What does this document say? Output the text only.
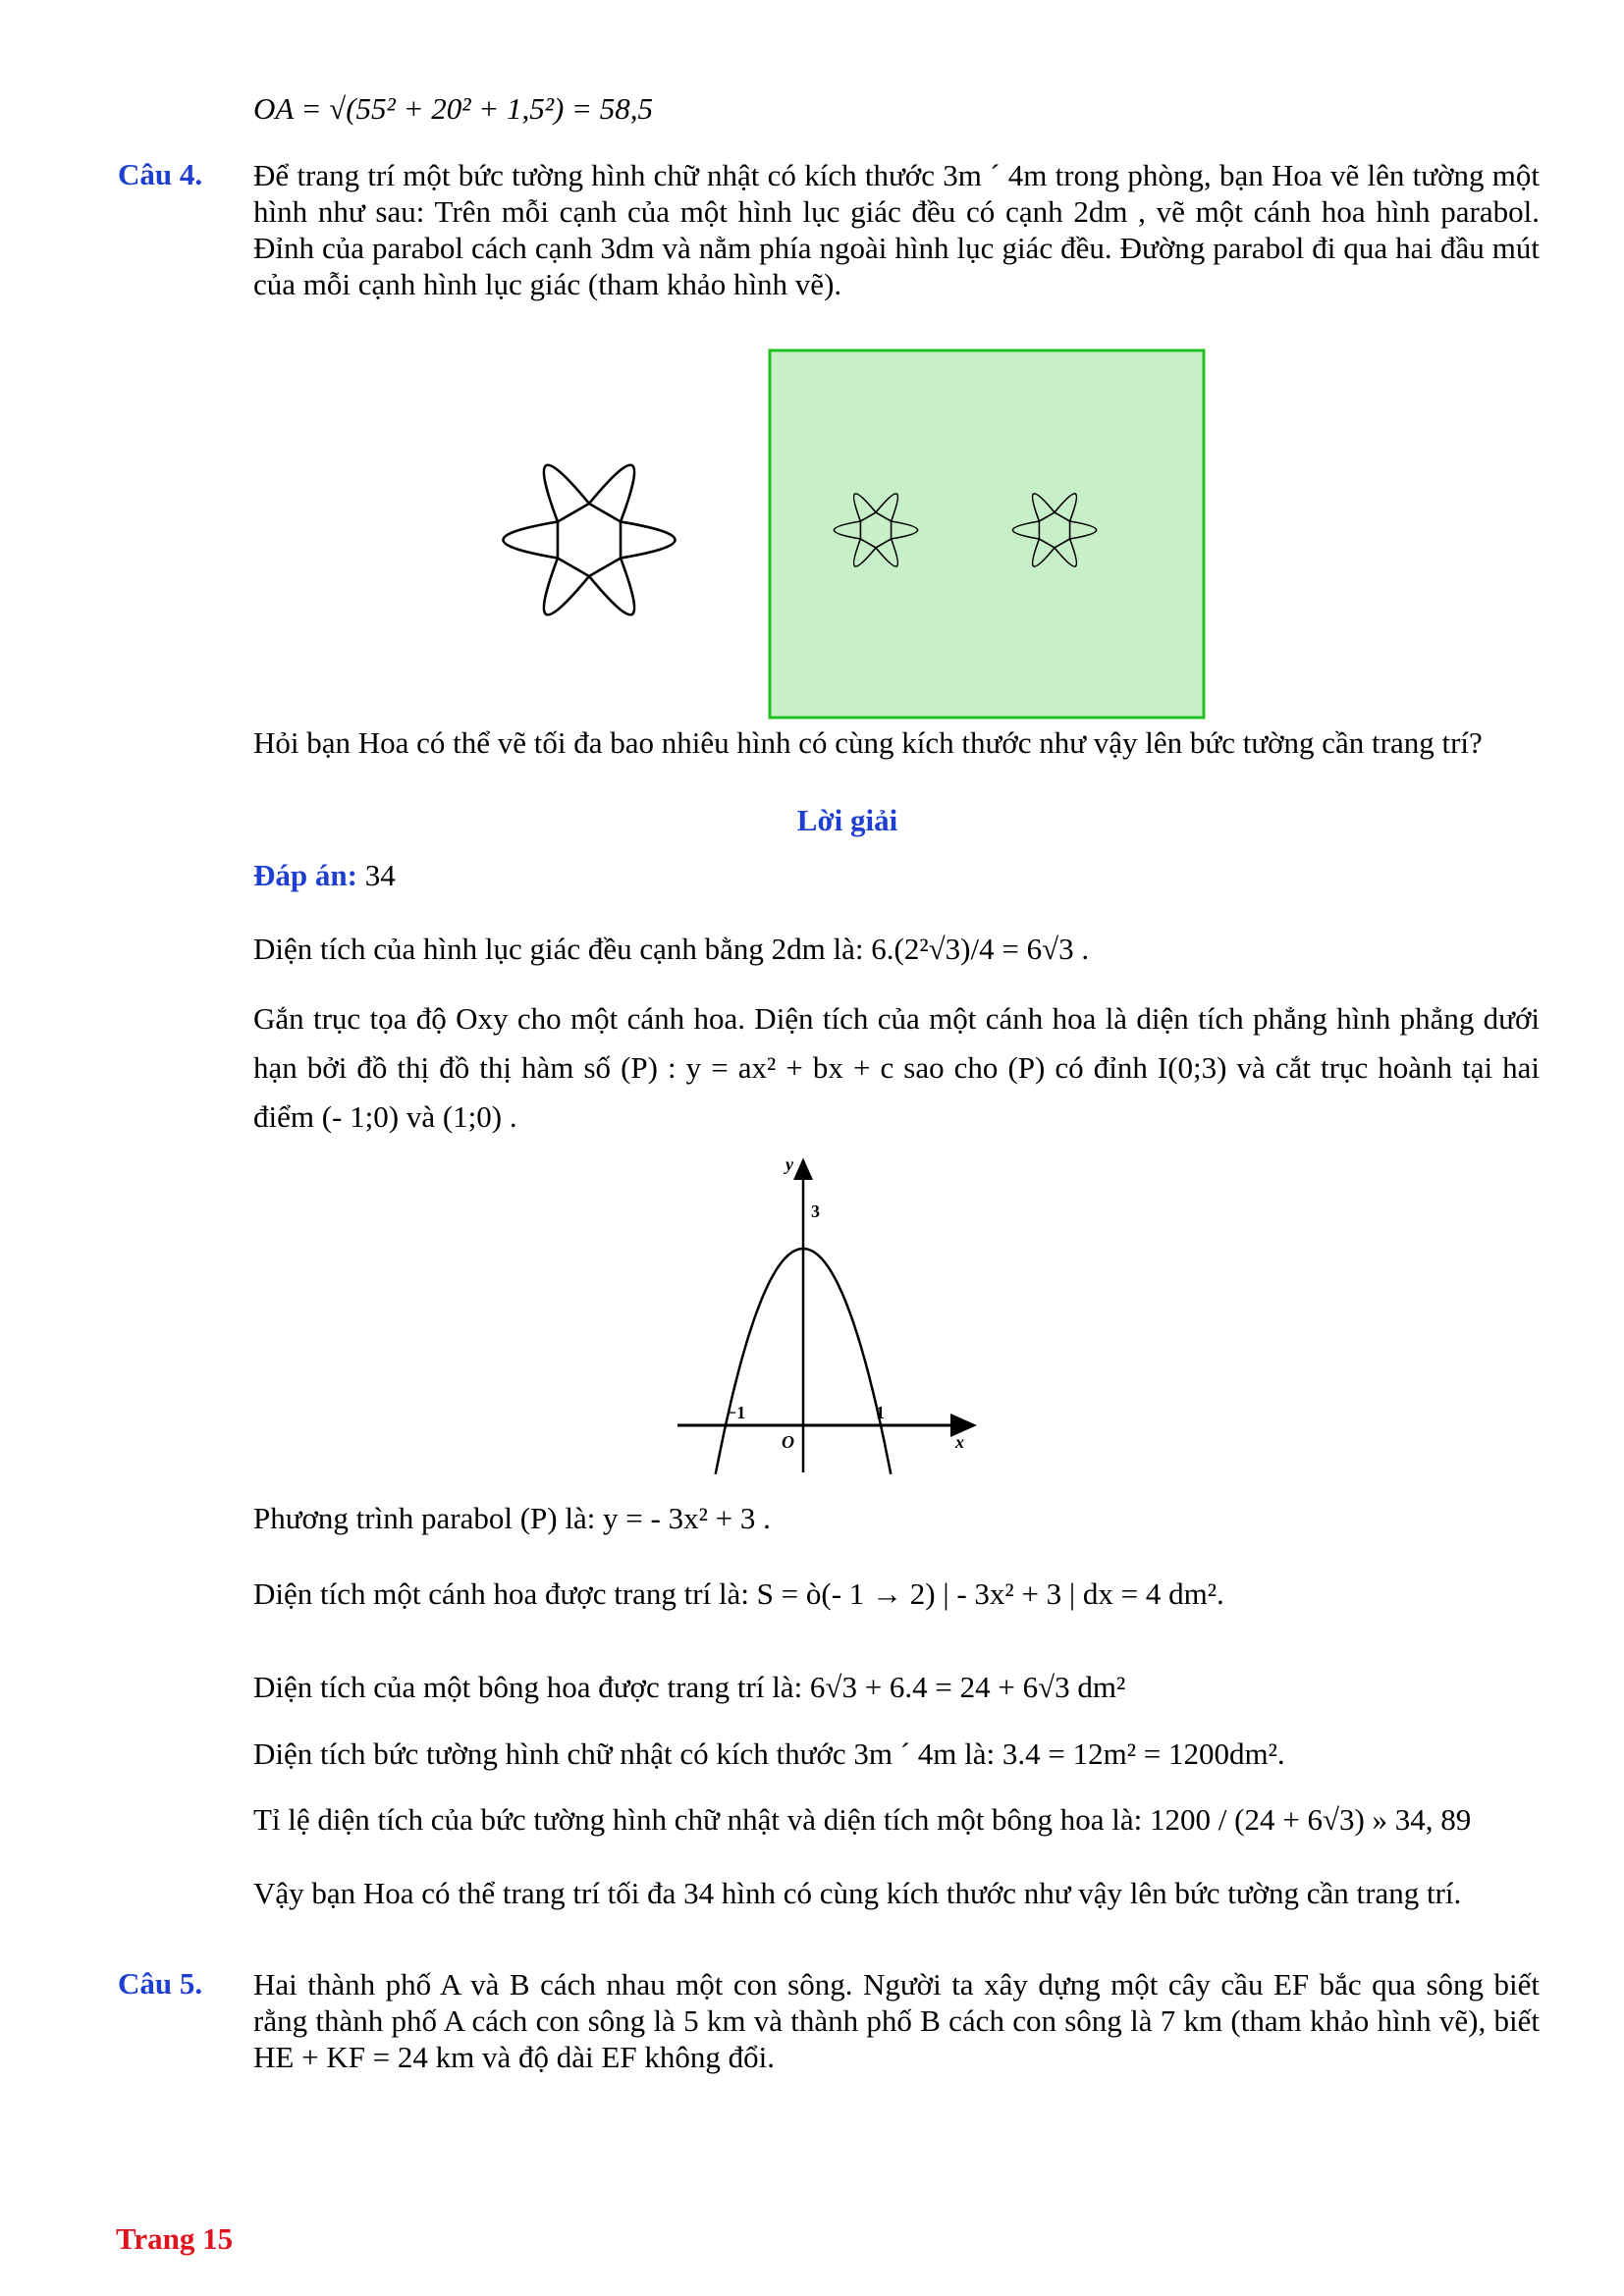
OA = √(55² + 20² + 1,5²) = 58,5
Câu 4. Để trang trí một bức tường hình chữ nhật có kích thước 3m ´ 4m trong phòng, bạn Hoa vẽ lên tường một hình như sau: Trên mỗi cạnh của một hình lục giác đều có cạnh 2dm , vẽ một cánh hoa hình parabol. Đỉnh của parabol cách cạnh 3dm và nằm phía ngoài hình lục giác đều. Đường parabol đi qua hai đầu mút của mỗi cạnh hình lục giác (tham khảo hình vẽ).
Hỏi bạn Hoa có thể vẽ tối đa bao nhiêu hình có cùng kích thước như vậy lên bức tường cần trang trí?
Lời giải
Đáp án: 34
Diện tích của hình lục giác đều cạnh bằng 2dm là: 6.(2²√3)/4 = 6√3 .
Gắn trục tọa độ Oxy cho một cánh hoa. Diện tích của một cánh hoa là diện tích phẳng hình phẳng dưới hạn bởi đồ thị đồ thị hàm số (P) : y = ax² + bx + c sao cho (P) có đỉnh I(0;3) và cắt trục hoành tại hai điểm (- 1;0) và (1;0) .
y
x
3
−1	1
O
Phương trình parabol (P) là: y = - 3x² + 3 .
Diện tích một cánh hoa được trang trí là: S = ò(- 1 → 2) | - 3x² + 3 | dx = 4 dm².
Diện tích của một bông hoa được trang trí là: 6√3 + 6.4 = 24 + 6√3 dm²
Diện tích bức tường hình chữ nhật có kích thước 3m ´ 4m là: 3.4 = 12m² = 1200dm².
Tỉ lệ diện tích của bức tường hình chữ nhật và diện tích một bông hoa là: 1200 / (24 + 6√3) » 34, 89
Vậy bạn Hoa có thể trang trí tối đa 34 hình có cùng kích thước như vậy lên bức tường cần trang trí.
Câu 5. Hai thành phố A và B cách nhau một con sông. Người ta xây dựng một cây cầu EF bắc qua sông biết rằng thành phố A cách con sông là 5 km và thành phố B cách con sông là 7 km (tham khảo hình vẽ), biết HE + KF = 24 km và độ dài EF không đổi.
Trang 15
